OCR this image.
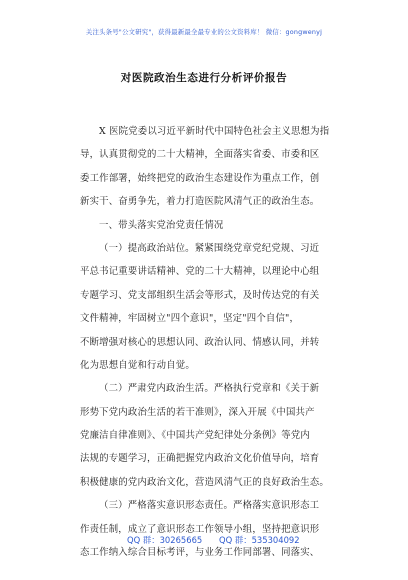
关注头条号"公文研究"，获得最新最全最专业的公文资料库！ 微信：gongwenyj
对医院政治生态进行分析评价报告
X 医院党委以习近平新时代中国特色社会主义思想为指
导，认真贯彻党的二十大精神，全面落实省委、市委和区
委工作部署，始终把党的政治生态建设作为重点工作，创
新实干、奋勇争先，着力打造医院风清气正的政治生态。
一、带头落实党治党责任情况
（一）提高政治站位。紧紧围绕党章党纪党规、习近
平总书记重要讲话精神、党的二十大精神，以理论中心组
专题学习、党支部组织生活会等形式，及时传达党的有关
文件精神，牢固树立"四个意识"，坚定"四个自信"，
不断增强对核心的思想认同、政治认同、情感认同，并转
化为思想自觉和行动自觉。
（二）严肃党内政治生活。严格执行党章和《关于新
形势下党内政治生活的若干准则》，深入开展《中国共产
党廉洁自律准则》、《中国共产党纪律处分条例》等党内
法规的专题学习，正确把握党内政治文化价值导向，培育
积极健康的党内政治文化，营造风清气正的良好政治生态。
（三）严格落实意识形态责任。严格落实意识形态工
作责任制，成立了意识形态工作领导小组，坚持把意识形
态工作纳入综合目标考评，与业务工作同部署、同落实、
QQ 群：30265665 QQ 群：535304092
